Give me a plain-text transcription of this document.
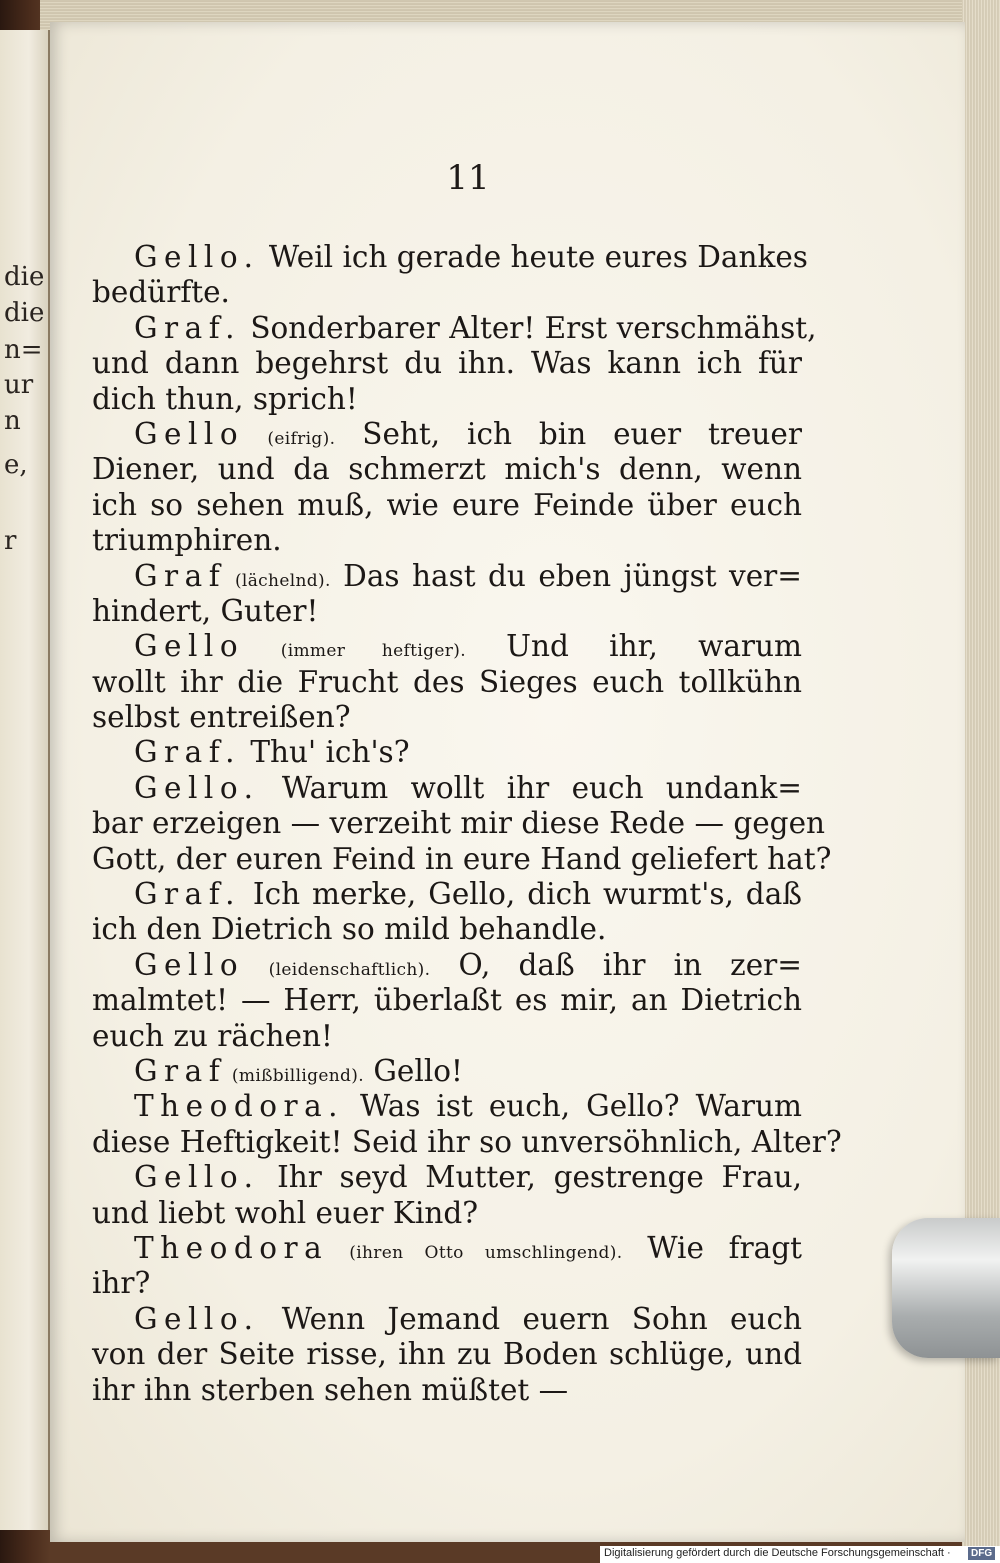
die
die
n=
ur
n
e,
r
11
Gello. Weil ich gerade heute eures Dankes
bedürfte.
Graf. Sonderbarer Alter! Erst verschmähst,
und dann begehrst du ihn. Was kann ich für
dich thun, sprich!
Gello (eifrig). Seht, ich bin euer treuer
Diener, und da schmerzt mich's denn, wenn
ich so sehen muß, wie eure Feinde über euch
triumphiren.
Graf (lächelnd). Das hast du eben jüngst ver=
hindert, Guter!
Gello (immer heftiger). Und ihr, warum
wollt ihr die Frucht des Sieges euch tollkühn
selbst entreißen?
Graf. Thu' ich's?
Gello. Warum wollt ihr euch undank=
bar erzeigen — verzeiht mir diese Rede — gegen
Gott, der euren Feind in eure Hand geliefert hat?
Graf. Ich merke, Gello, dich wurmt's, daß
ich den Dietrich so mild behandle.
Gello (leidenschaftlich). O, daß ihr in zer=
malmtet! — Herr, überlaßt es mir, an Dietrich
euch zu rächen!
Graf (mißbilligend). Gello!
Theodora. Was ist euch, Gello? Warum
diese Heftigkeit! Seid ihr so unversöhnlich, Alter?
Gello. Ihr seyd Mutter, gestrenge Frau,
und liebt wohl euer Kind?
Theodora (ihren Otto umschlingend). Wie fragt
ihr?
Gello. Wenn Jemand euern Sohn euch
von der Seite risse, ihn zu Boden schlüge, und
ihr ihn sterben sehen müßtet —
Digitalisierung gefördert durch die Deutsche Forschungsgemeinschaft ·	DFG
